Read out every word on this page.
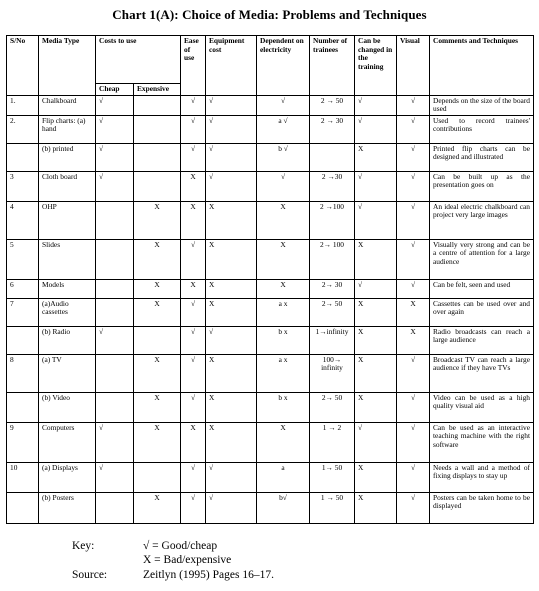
Chart 1(A): Choice of Media: Problems and Techniques
S/No	Media Type	Costs to use		Ease of use	Equipment cost	Dependent on electricity	Number of trainees	Can be changed in the training	Visual	Comments and Techniques
		Cheap	Expensive							
1.	Chalkboard	√		√	√	√	2 → 50	√	√	Depends on the size of the board used
2.	Flip charts: (a) hand	√		√	√	a √	2 → 30	√	√	Used to record trainees' contributions
	(b) printed	√		√	√	b √		X	√	Printed flip charts can be designed and illustrated
3	Cloth board	√		X	√	√	2 →30	√	√	Can be built up as the presentation goes on
4	OHP		X	X	X	X	2 →100	√	√	An ideal electric chalkboard can project very large images
5	Slides		X	√	X	X	2→ 100	X	√	Visually very strong and can be a centre of attention for a large audience
6	Models		X	X	X	X	2→ 30	√	√	Can be felt, seen and used
7	(a)Audio cassettes		X	√	X	a x	2→ 50	X	X	Cassettes can be used over and over again
	(b) Radio	√		√	√	b x	1→infinity	X	X	Radio broadcasts can reach a large audience
8	(a) TV		X	√	X	a x	100→ infinity	X	√	Broadcast TV can reach a large audience if they have TVs
	(b) Video		X	√	X	b x	2→ 50	X	√	Video can be used as a high quality visual aid
9	Computers	√	X	X	X	X	1 → 2	√	√	Can be used as an interactive teaching machine with the right software
10	(a) Displays	√		√	√	a	1→ 50	X	√	Needs a wall and a method of fixing displays to stay up
	(b) Posters		X	√	√	b√	1 → 50	X	√	Posters can be taken home to be displayed
Key:	√ = Good/cheap
X = Bad/expensive
Source:	Zeitlyn (1995) Pages 16–17.
